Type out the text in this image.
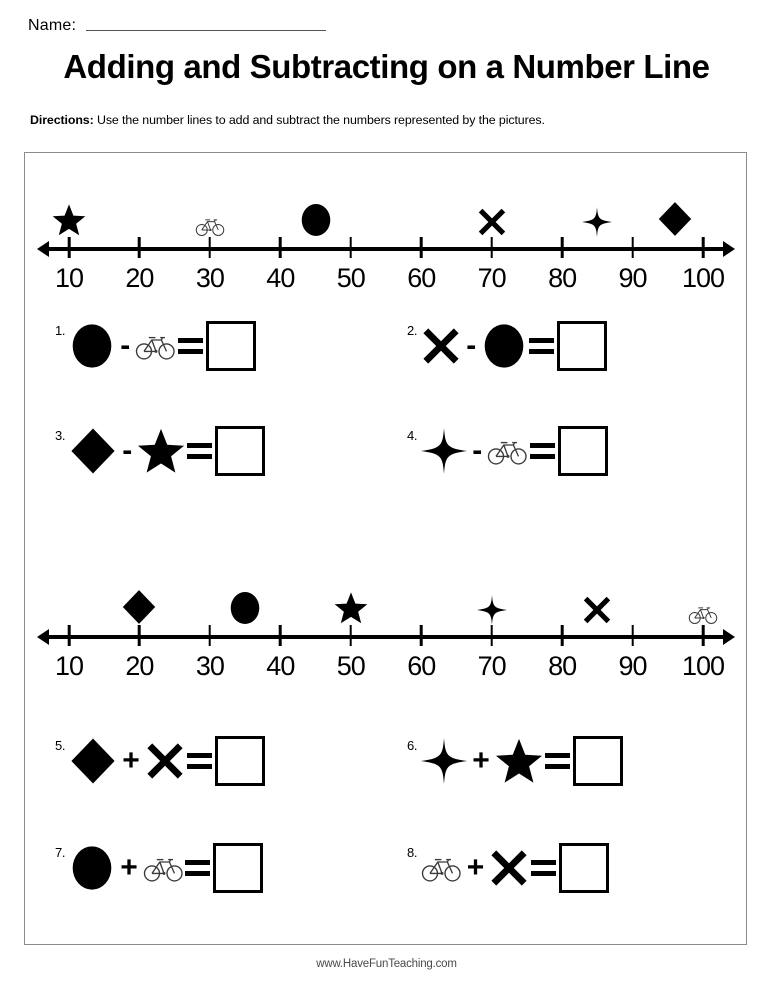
Name:
Adding and Subtracting on a Number Line
Directions: Use the number lines to add and subtract the numbers represented by the pictures.
10 20 30 40 50 60 70 80 90 100
10 20 30 40 50 60 70 80 90 100
1. -	2. -
3. -	4. -
5. +	6. +
7. +	8. +
www.HaveFunTeaching.com
